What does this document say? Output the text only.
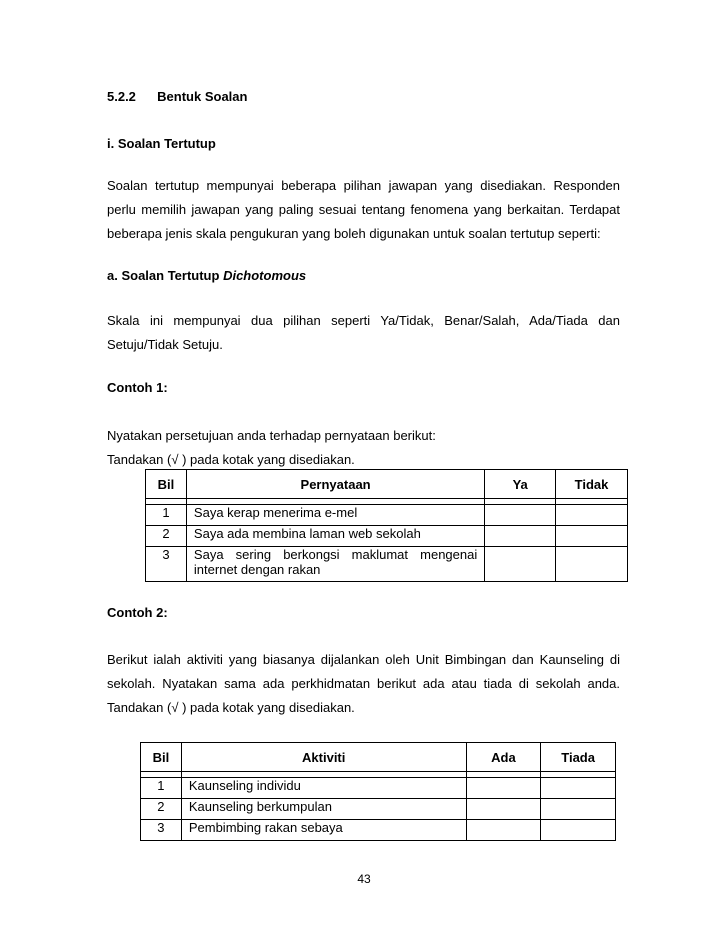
5.2.2 Bentuk Soalan
i. Soalan Tertutup
Soalan tertutup mempunyai beberapa pilihan jawapan yang disediakan. Responden
perlu memilih jawapan yang paling sesuai tentang fenomena yang berkaitan. Terdapat
beberapa jenis skala pengukuran yang boleh digunakan untuk soalan tertutup seperti:
a. Soalan Tertutup Dichotomous
Skala ini mempunyai dua pilihan seperti Ya/Tidak, Benar/Salah, Ada/Tiada dan
Setuju/Tidak Setuju.
Contoh 1:
Nyatakan persetujuan anda terhadap pernyataan berikut:
Tandakan (√ ) pada kotak yang disediakan.
Bil	Pernyataan	Ya	Tidak

1	Saya kerap menerima e-mel		
2	Saya ada membina laman web sekolah		
3	Saya sering berkongsi maklumat mengenai
internet dengan rakan		

Contoh 2:
Berikut ialah aktiviti yang biasanya dijalankan oleh Unit Bimbingan dan Kaunseling di
sekolah. Nyatakan sama ada perkhidmatan berikut ada atau tiada di sekolah anda.
Tandakan (√ ) pada kotak yang disediakan.
Bil	Aktiviti	Ada	Tiada

1	Kaunseling individu		
2	Kaunseling berkumpulan		
3	Pembimbing rakan sebaya		
43
